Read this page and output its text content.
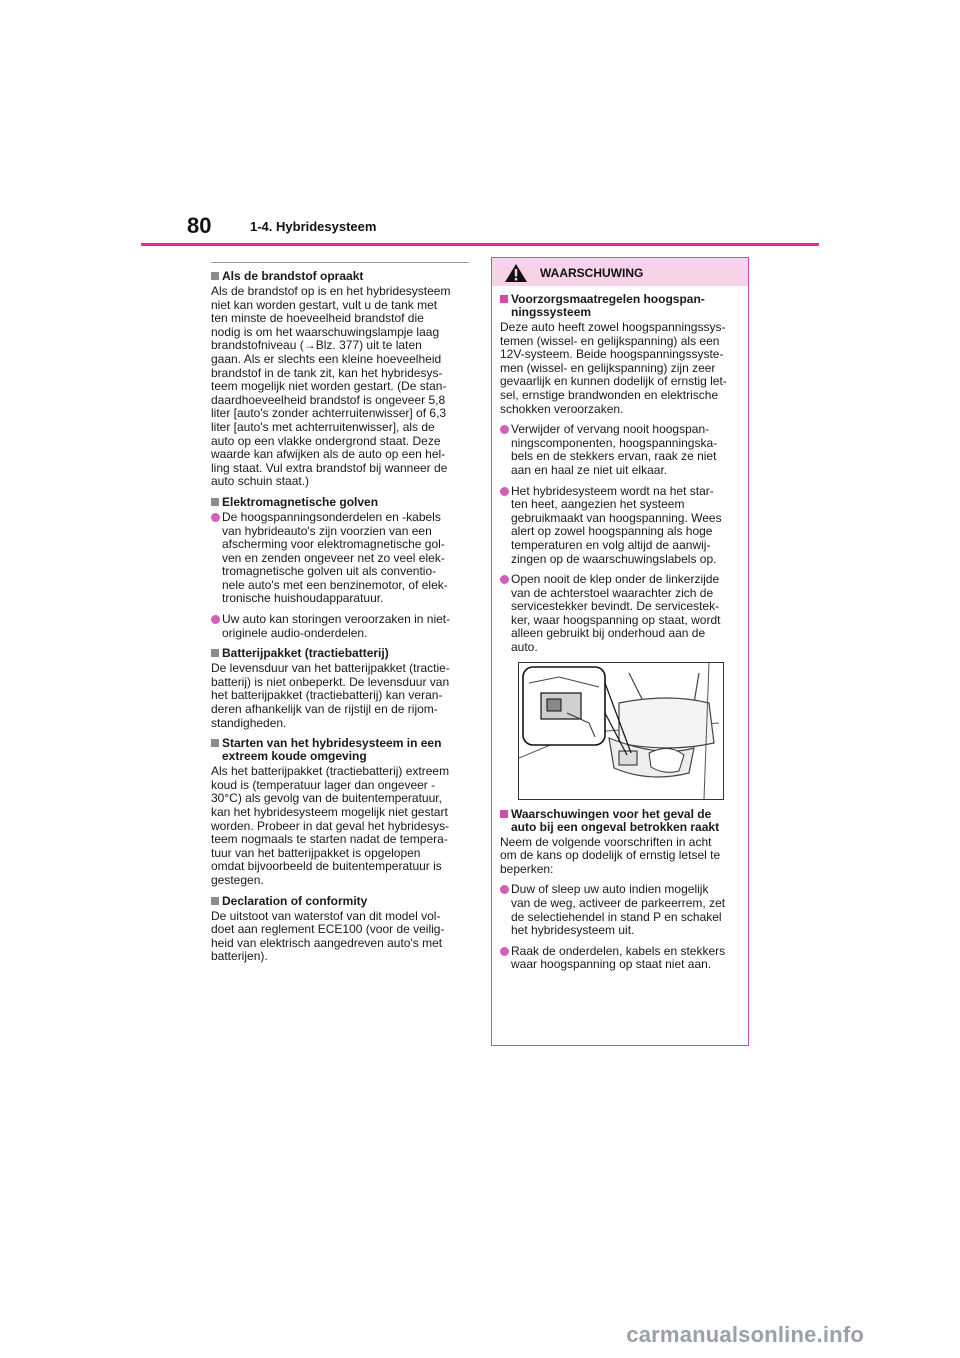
80	1-4. Hybridesysteem
Als de brandstof opraakt
Als de brandstof op is en het hybridesysteem
niet kan worden gestart, vult u de tank met
ten minste de hoeveelheid brandstof die
nodig is om het waarschuwingslampje laag
brandstofniveau (→Blz. 377) uit te laten
gaan. Als er slechts een kleine hoeveelheid
brandstof in de tank zit, kan het hybridesys-
teem mogelijk niet worden gestart. (De stan-
daardhoeveelheid brandstof is ongeveer 5,8
liter [auto's zonder achterruitenwisser] of 6,3
liter [auto's met achterruitenwisser], als de
auto op een vlakke ondergrond staat. Deze
waarde kan afwijken als de auto op een hel-
ling staat. Vul extra brandstof bij wanneer de
auto schuin staat.)
Elektromagnetische golven
De hoogspanningsonderdelen en -kabels
van hybrideauto's zijn voorzien van een
afscherming voor elektromagnetische gol-
ven en zenden ongeveer net zo veel elek-
tromagnetische golven uit als conventio-
nele auto's met een benzinemotor, of elek-
tronische huishoudapparatuur.
Uw auto kan storingen veroorzaken in niet-
originele audio-onderdelen.
Batterijpakket (tractiebatterij)
De levensduur van het batterijpakket (tractie-
batterij) is niet onbeperkt. De levensduur van
het batterijpakket (tractiebatterij) kan veran-
deren afhankelijk van de rijstijl en de rijom-
standigheden.
Starten van het hybridesysteem in een
extreem koude omgeving
Als het batterijpakket (tractiebatterij) extreem
koud is (temperatuur lager dan ongeveer -
30°C) als gevolg van de buitentemperatuur,
kan het hybridesysteem mogelijk niet gestart
worden. Probeer in dat geval het hybridesys-
teem nogmaals te starten nadat de tempera-
tuur van het batterijpakket is opgelopen
omdat bijvoorbeeld de buitentemperatuur is
gestegen.
Declaration of conformity
De uitstoot van waterstof van dit model vol-
doet aan reglement ECE100 (voor de veilig-
heid van elektrisch aangedreven auto's met
batterijen).
WAARSCHUWING
Voorzorgsmaatregelen hoogspan-
ningssysteem
Deze auto heeft zowel hoogspanningssys-
temen (wissel- en gelijkspanning) als een
12V-systeem. Beide hoogspanningssyste-
men (wissel- en gelijkspanning) zijn zeer
gevaarlijk en kunnen dodelijk of ernstig let-
sel, ernstige brandwonden en elektrische
schokken veroorzaken.
Verwijder of vervang nooit hoogspan-
ningscomponenten, hoogspanningska-
bels en de stekkers ervan, raak ze niet
aan en haal ze niet uit elkaar.
Het hybridesysteem wordt na het star-
ten heet, aangezien het systeem
gebruikmaakt van hoogspanning. Wees
alert op zowel hoogspanning als hoge
temperaturen en volg altijd de aanwij-
zingen op de waarschuwingslabels op.
Open nooit de klep onder de linkerzijde
van de achterstoel waarachter zich de
servicestekker bevindt. De servicestek-
ker, waar hoogspanning op staat, wordt
alleen gebruikt bij onderhoud aan de
auto.
Waarschuwingen voor het geval de
auto bij een ongeval betrokken raakt
Neem de volgende voorschriften in acht
om de kans op dodelijk of ernstig letsel te
beperken:
Duw of sleep uw auto indien mogelijk
van de weg, activeer de parkeerrem, zet
de selectiehendel in stand P en schakel
het hybridesysteem uit.
Raak de onderdelen, kabels en stekkers
waar hoogspanning op staat niet aan.
carmanualsonline.info
